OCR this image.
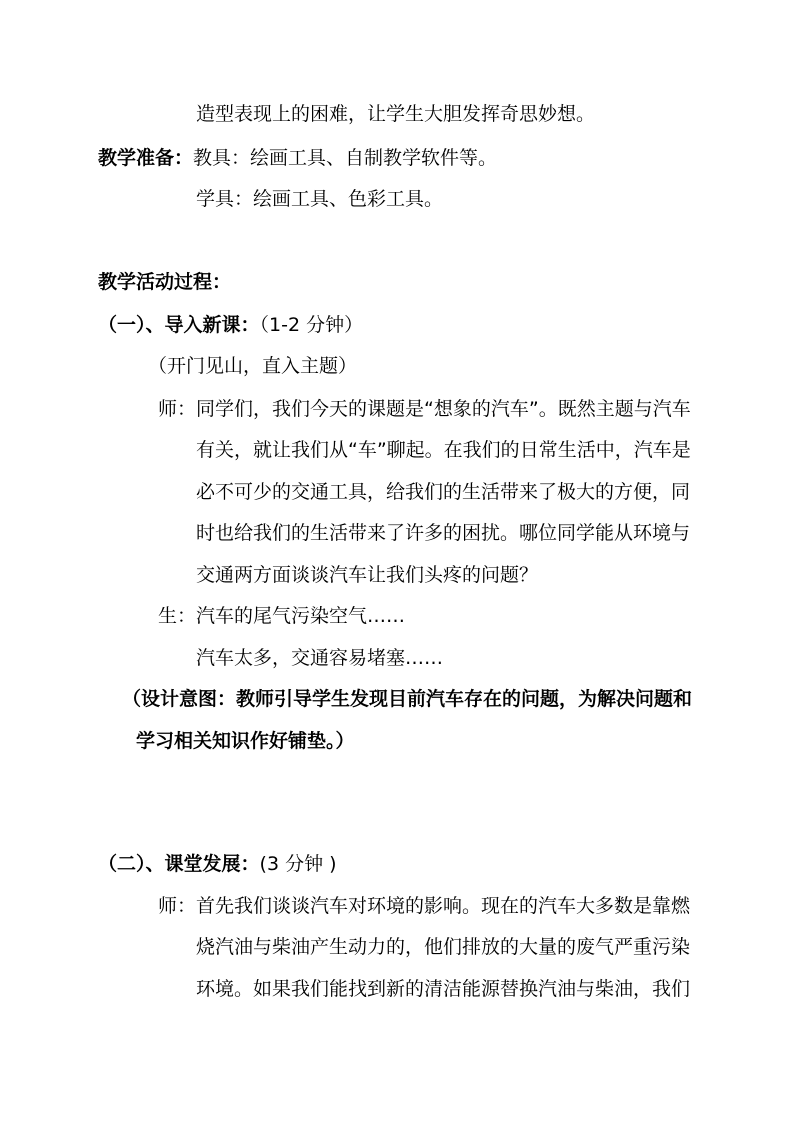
造型表现上的困难，让学生大胆发挥奇思妙想。
教学准备：教具：绘画工具、自制教学软件等。
学具：绘画工具、色彩工具。
教学活动过程：
（一）、导入新课：（1-2 分钟）
（开门见山，直入主题）
师：同学们，我们今天的课题是“想象的汽车”。既然主题与汽车
有关，就让我们从“车”聊起。在我们的日常生活中，汽车是
必不可少的交通工具，给我们的生活带来了极大的方便，同
时也给我们的生活带来了许多的困扰。哪位同学能从环境与
交通两方面谈谈汽车让我们头疼的问题？
生：汽车的尾气污染空气……
汽车太多，交通容易堵塞……
（设计意图：教师引导学生发现目前汽车存在的问题，为解决问题和
学习相关知识作好铺垫。）
（二）、课堂发展：(3 分钟 )
师：首先我们谈谈汽车对环境的影响。现在的汽车大多数是靠燃
烧汽油与柴油产生动力的，他们排放的大量的废气严重污染
环境。如果我们能找到新的清洁能源替换汽油与柴油，我们
